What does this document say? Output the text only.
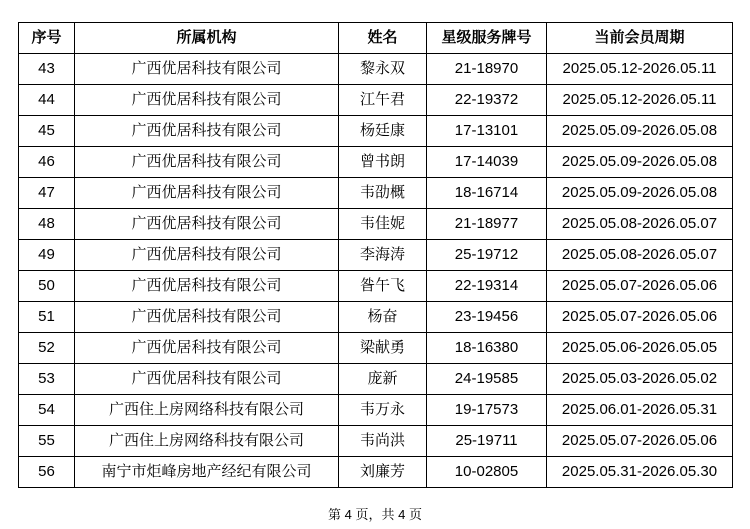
序号	所属机构	姓名	星级服务牌号	当前会员周期
43	广西优居科技有限公司	黎永双	21-18970	2025.05.12-2026.05.11
44	广西优居科技有限公司	江午君	22-19372	2025.05.12-2026.05.11
45	广西优居科技有限公司	杨廷康	17-13101	2025.05.09-2026.05.08
46	广西优居科技有限公司	曾书朗	17-14039	2025.05.09-2026.05.08
47	广西优居科技有限公司	韦劭概	18-16714	2025.05.09-2026.05.08
48	广西优居科技有限公司	韦佳妮	21-18977	2025.05.08-2026.05.07
49	广西优居科技有限公司	李海涛	25-19712	2025.05.08-2026.05.07
50	广西优居科技有限公司	昝午飞	22-19314	2025.05.07-2026.05.06
51	广西优居科技有限公司	杨奋	23-19456	2025.05.07-2026.05.06
52	广西优居科技有限公司	梁献勇	18-16380	2025.05.06-2026.05.05
53	广西优居科技有限公司	庞新	24-19585	2025.05.03-2026.05.02
54	广西住上房网络科技有限公司	韦万永	19-17573	2025.06.01-2026.05.31
55	广西住上房网络科技有限公司	韦尚洪	25-19711	2025.05.07-2026.05.06
56	南宁市炬峰房地产经纪有限公司	刘廉芳	10-02805	2025.05.31-2026.05.30
第 4 页，共 4 页
